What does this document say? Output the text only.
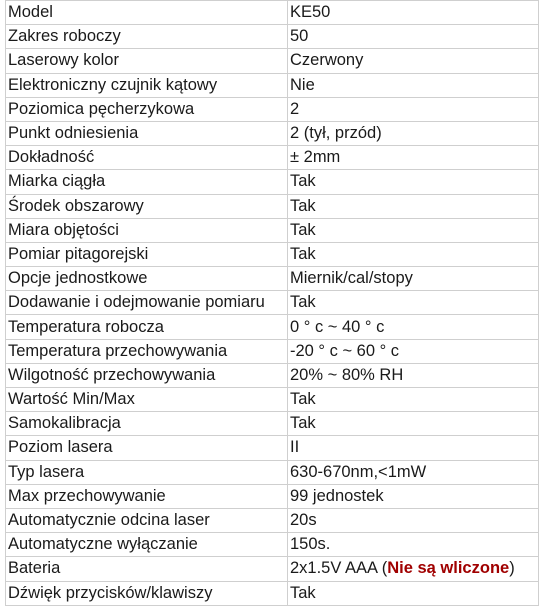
Model	KE50
Zakres roboczy	50
Laserowy kolor	Czerwony
Elektroniczny czujnik kątowy	Nie
Poziomica pęcherzykowa	2
Punkt odniesienia	2 (tył, przód)
Dokładność	± 2mm
Miarka ciągła	Tak
Środek obszarowy	Tak
Miara objętości	Tak
Pomiar pitagorejski	Tak
Opcje jednostkowe	Miernik/cal/stopy
Dodawanie i odejmowanie pomiaru	Tak
Temperatura robocza	0 ° c ~ 40 ° c
Temperatura przechowywania	-20 ° c ~ 60 ° c
Wilgotność przechowywania	20% ~ 80% RH
Wartość Min/Max	Tak
Samokalibracja	Tak
Poziom lasera	II
Typ lasera	630-670nm,<1mW
Max przechowywanie	99 jednostek
Automatycznie odcina laser	20s
Automatyczne wyłączanie	150s.
Bateria	2x1.5V AAA (Nie są wliczone)
Dźwięk przycisków/klawiszy	Tak
